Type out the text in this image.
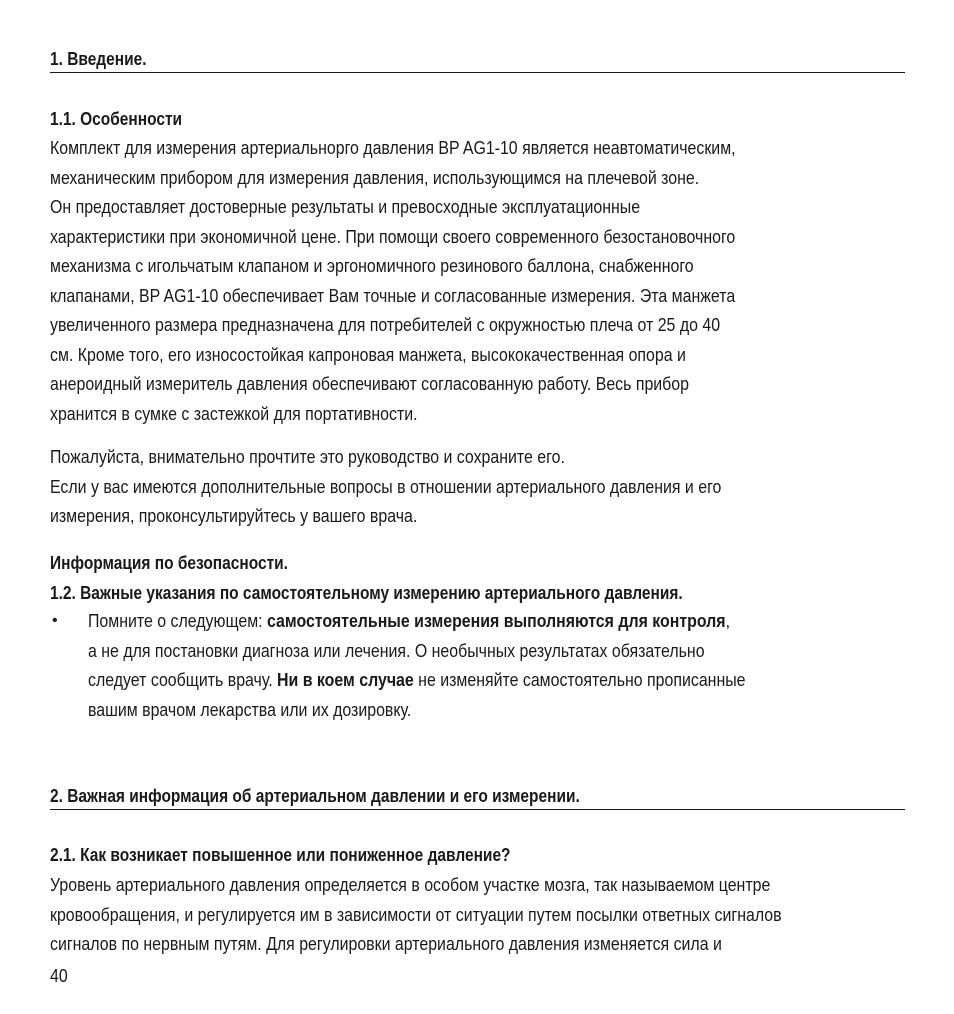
1. Введение.
1.1. Особенности
Комплект для измерения артериальнорго давления BP AG1-10 является неавтоматическим,
механическим прибором для измерения давления, использующимся на плечевой зоне.
Он предоставляет достоверные результаты и превосходные эксплуатационные
характеристики при экономичной цене. При помощи своего современного безостановочного
механизма с игольчатым клапаном и эргономичного резинового баллона, снабженного
клапанами, BP AG1-10 обеспечивает Вам точные и согласованные измерения. Эта манжета
увеличенного размера предназначена для потребителей с окружностью плеча от 25 до 40
см. Кроме того, его износостойкая капроновая манжета, высококачественная опора и
анероидный измеритель давления обеспечивают согласованную работу. Весь прибор
хранится в сумке с застежкой для портативности.
Пожалуйста, внимательно прочтите это руководство и сохраните его.
Если у вас имеются дополнительные вопросы в отношении артериального давления и его
измерения, проконсультируйтесь у вашего врача.
Информация по безопасности.
1.2. Важные указания по самостоятельному измерению артериального давления.
• Помните о следующем: самостоятельные измерения выполняются для контроля,
а не для постановки диагноза или лечения. О необычных результатах обязательно
следует сообщить врачу. Ни в коем случае не изменяйте самостоятельно прописанные
вашим врачом лекарства или их дозировку.
2. Важная информация об артериальном давлении и его измерении.
2.1. Как возникает повышенное или пониженное давление?
Уровень артериального давления определяется в особом участке мозга, так называемом центре
кровообращения, и регулируется им в зависимости от ситуации путем посылки ответных сигналов
сигналов по нервным путям. Для регулировки артериального давления изменяется сила и
40
